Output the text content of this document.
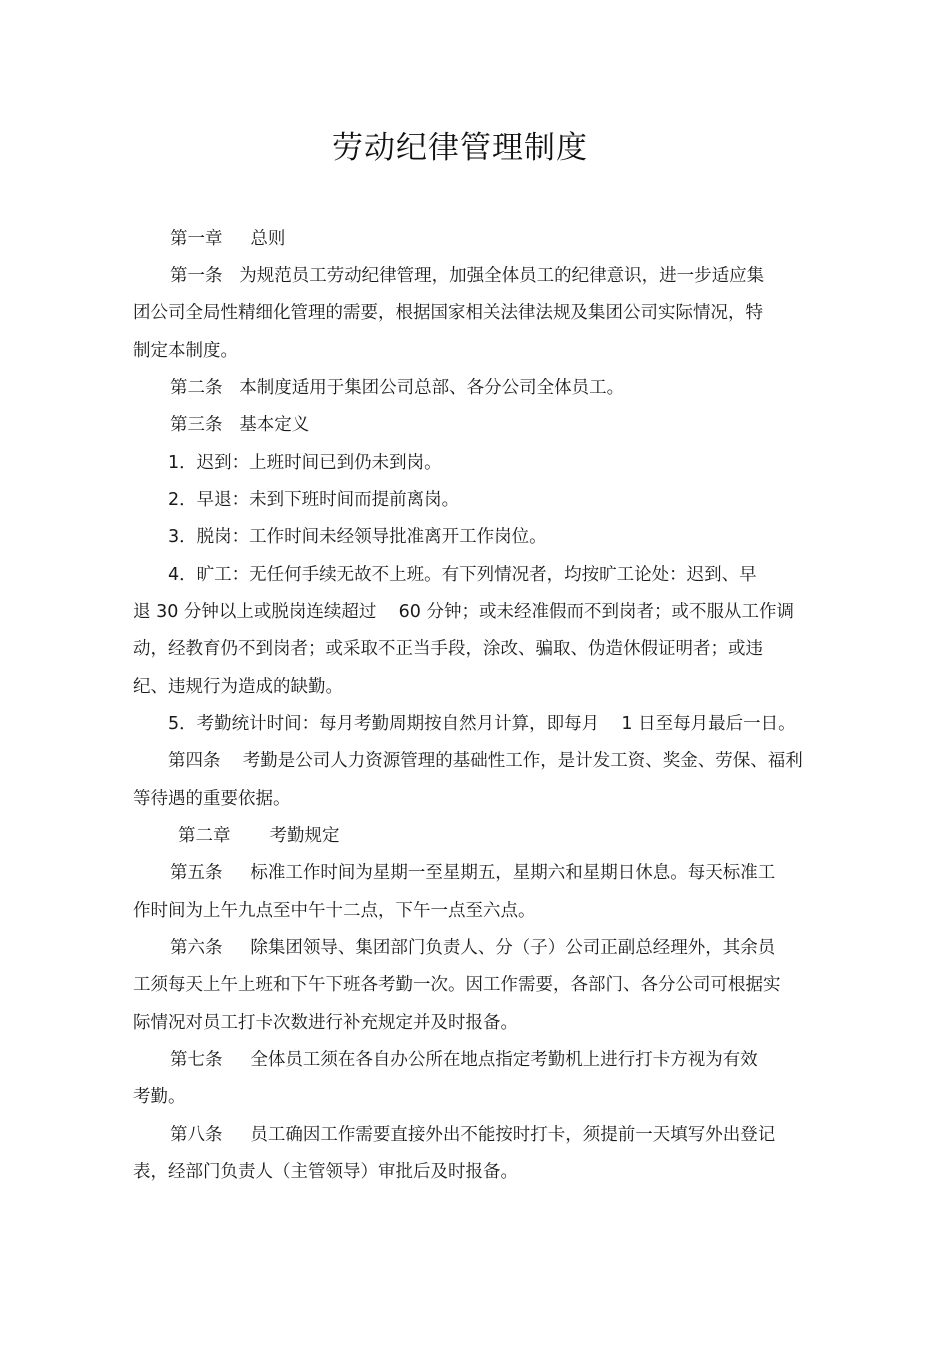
劳动纪律管理制度
第一章     总则
第一条   为规范员工劳动纪律管理，加强全体员工的纪律意识，进一步适应集
团公司全局性精细化管理的需要，根据国家相关法律法规及集团公司实际情况，特
制定本制度。
第二条   本制度适用于集团公司总部、各分公司全体员工。
第三条   基本定义
1．迟到：上班时间已到仍未到岗。
2．早退：未到下班时间而提前离岗。
3．脱岗：工作时间未经领导批准离开工作岗位。
4．旷工：无任何手续无故不上班。有下列情况者，均按旷工论处：迟到、早
退 30 分钟以上或脱岗连续超过    60 分钟；或未经准假而不到岗者；或不服从工作调
动，经教育仍不到岗者；或采取不正当手段，涂改、骗取、伪造休假证明者；或违
纪、违规行为造成的缺勤。
5．考勤统计时间：每月考勤周期按自然月计算，即每月    1 日至每月最后一日。
第四条    考勤是公司人力资源管理的基础性工作，是计发工资、奖金、劳保、福利
等待遇的重要依据。
第二章       考勤规定
第五条     标准工作时间为星期一至星期五，星期六和星期日休息。每天标准工
作时间为上午九点至中午十二点，下午一点至六点。
第六条     除集团领导、集团部门负责人、分（子）公司正副总经理外，其余员
工须每天上午上班和下午下班各考勤一次。因工作需要，各部门、各分公司可根据实
际情况对员工打卡次数进行补充规定并及时报备。
第七条     全体员工须在各自办公所在地点指定考勤机上进行打卡方视为有效
考勤。
第八条     员工确因工作需要直接外出不能按时打卡，须提前一天填写外出登记
表，经部门负责人（主管领导）审批后及时报备。
